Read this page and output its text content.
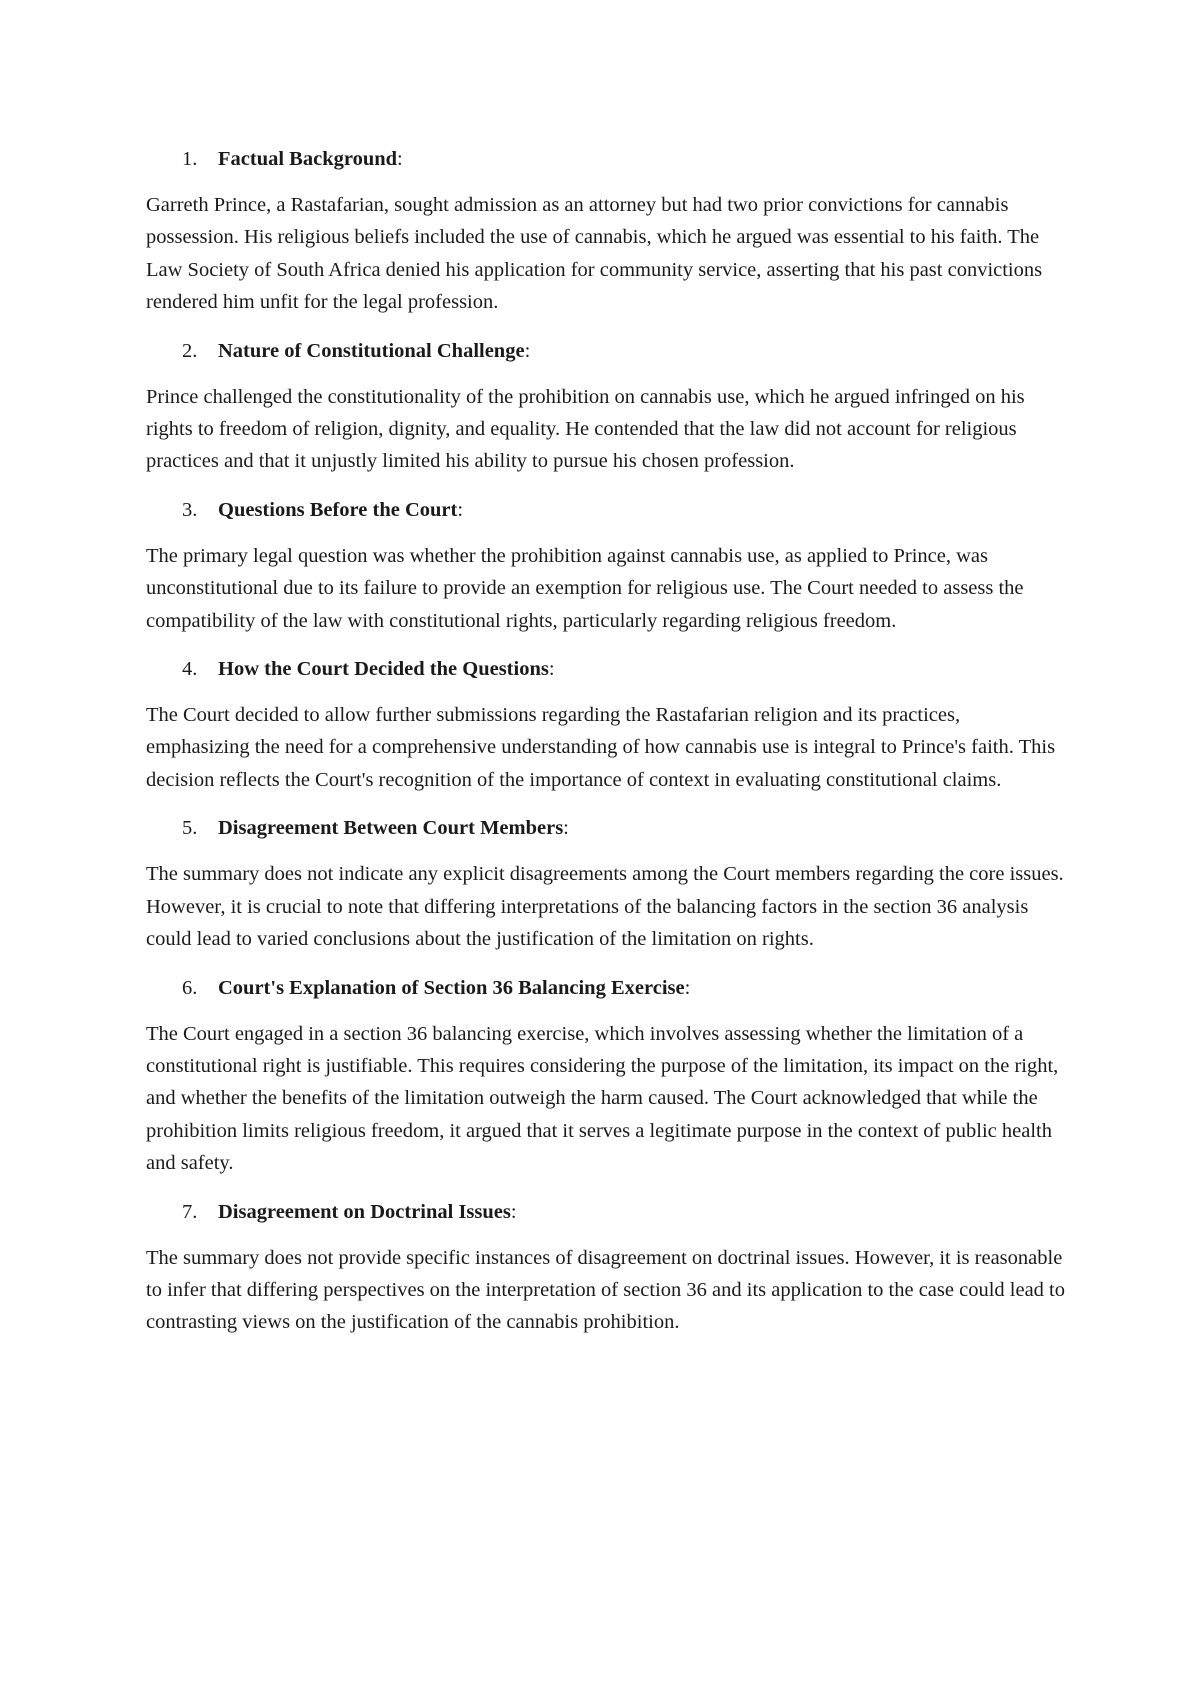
1.	Factual Background :

Garreth Prince, a Rastafarian, sought admission as an attorney but had two prior convictions for cannabis possession. His religious beliefs included the use of cannabis, which he argued was essential to his faith. The Law Society of South Africa denied his application for community service, asserting that his past convictions rendered him unfit for the legal profession.

2.	Nature of Constitutional Challenge :

Prince challenged the constitutionality of the prohibition on cannabis use, which he argued infringed on his rights to freedom of religion, dignity, and equality. He contended that the law did not account for religious practices and that it unjustly limited his ability to pursue his chosen profession.

3.	Questions Before the Court :

The primary legal question was whether the prohibition against cannabis use, as applied to Prince, was unconstitutional due to its failure to provide an exemption for religious use. The Court needed to assess the compatibility of the law with constitutional rights, particularly regarding religious freedom.

4.	How the Court Decided the Questions :

The Court decided to allow further submissions regarding the Rastafarian religion and its practices, emphasizing the need for a comprehensive understanding of how cannabis use is integral to Prince's faith. This decision reflects the Court's recognition of the importance of context in evaluating constitutional claims.

5.	Disagreement Between Court Members :

The summary does not indicate any explicit disagreements among the Court members regarding the core issues. However, it is crucial to note that differing interpretations of the balancing factors in the section 36 analysis could lead to varied conclusions about the justification of the limitation on rights.

6.	Court's Explanation of Section 36 Balancing Exercise :

The Court engaged in a section 36 balancing exercise, which involves assessing whether the limitation of a constitutional right is justifiable. This requires considering the purpose of the limitation, its impact on the right, and whether the benefits of the limitation outweigh the harm caused. The Court acknowledged that while the prohibition limits religious freedom, it argued that it serves a legitimate purpose in the context of public health and safety.

7.	Disagreement on Doctrinal Issues :

The summary does not provide specific instances of disagreement on doctrinal issues. However, it is reasonable to infer that differing perspectives on the interpretation of section 36 and its application to the case could lead to contrasting views on the justification of the cannabis prohibition.
